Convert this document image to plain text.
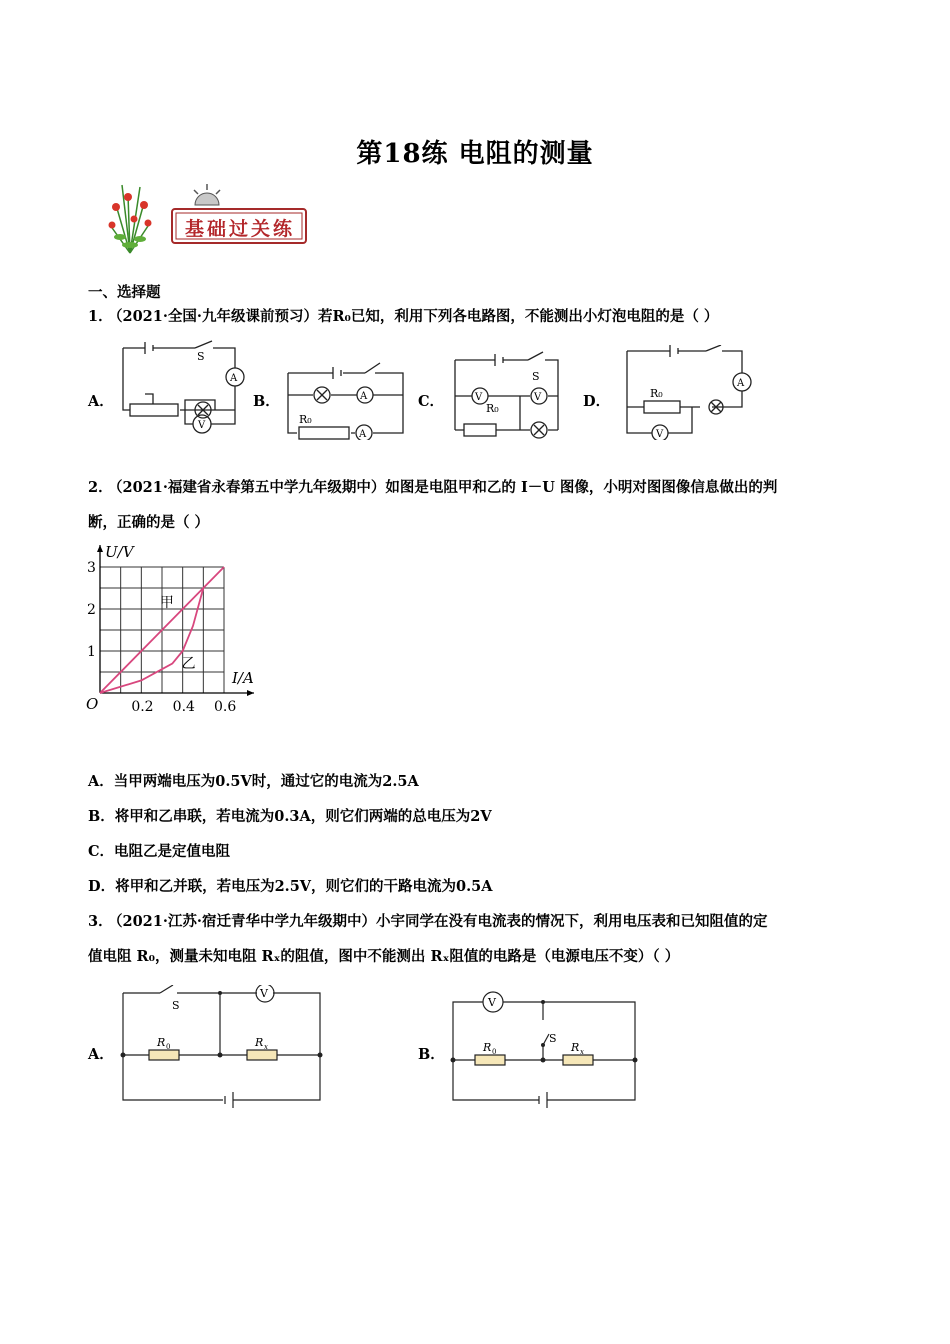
第18练 电阻的测量
基础过关练
一、选择题
1．
（2021·全国·九年级课前预习）若R₀已知，利用下列各电路图，不能测出小灯泡电阻的是（ ）
A．	B．	C．	D．
S
A
V
A
A
R₀
S
V	V
R₀
A
R₀
V
2．
（2021·福建省永春第五中学九年级期中）如图是电阻甲和乙的 I－U 图像，小明对图图像信息做出的判
断，正确的是（ ）
U/V
I/A
O 0.2 0.4 0.6
1
2
3
甲
乙
A．当甲两端电压为0.5V时，通过它的电流为2.5A
B．将甲和乙串联，若电流为0.3A，则它们两端的总电压为2V
C．电阻乙是定值电阻
D．将甲和乙并联，若电压为2.5V，则它们的干路电流为0.5A
3．
（2021·江苏·宿迁青华中学九年级期中）小宇同学在没有电流表的情况下，利用电压表和已知阻值的定
值电阻 R₀，测量未知电阻 Rₓ的阻值，图中不能测出 Rₓ阻值的电路是（电源电压不变）（ ）
A．	B．
S
V
R 0	R x
V
S
R 0	R x
